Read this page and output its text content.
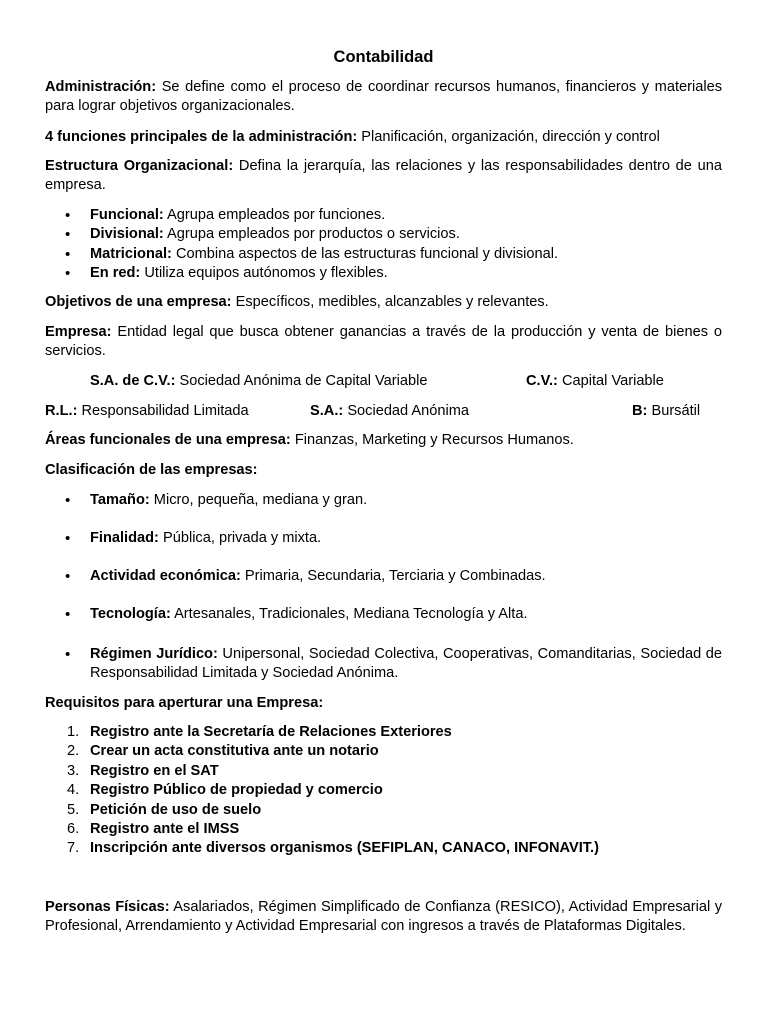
Contabilidad

Administración: Se define como el proceso de coordinar recursos humanos, financieros y materiales para lograr objetivos organizacionales.

4 funciones principales de la administración: Planificación, organización, dirección y control

Estructura Organizacional: Defina la jerarquía, las relaciones y las responsabilidades dentro de una empresa.

• Funcional: Agrupa empleados por funciones.
• Divisional: Agrupa empleados por productos o servicios.
• Matricional: Combina aspectos de las estructuras funcional y divisional.
• En red: Utiliza equipos autónomos y flexibles.

Objetivos de una empresa: Específicos, medibles, alcanzables y relevantes.

Empresa: Entidad legal que busca obtener ganancias a través de la producción y venta de bienes o servicios.

S.A. de C.V.: Sociedad Anónima de Capital Variable	C.V.: Capital Variable
R.L.: Responsabilidad Limitada	S.A.: Sociedad Anónima	B: Bursátil

Áreas funcionales de una empresa: Finanzas, Marketing y Recursos Humanos.

Clasificación de las empresas:

• Tamaño: Micro, pequeña, mediana y gran.
• Finalidad: Pública, privada y mixta.
• Actividad económica: Primaria, Secundaria, Terciaria y Combinadas.
• Tecnología: Artesanales, Tradicionales, Mediana Tecnología y Alta.
• Régimen Jurídico: Unipersonal, Sociedad Colectiva, Cooperativas, Comanditarias, Sociedad de Responsabilidad Limitada y Sociedad Anónima.

Requisitos para aperturar una Empresa:

1. Registro ante la Secretaría de Relaciones Exteriores
2. Crear un acta constitutiva ante un notario
3. Registro en el SAT
4. Registro Público de propiedad y comercio
5. Petición de uso de suelo
6. Registro ante el IMSS
7. Inscripción ante diversos organismos (SEFIPLAN, CANACO, INFONAVIT.)

Personas Físicas: Asalariados, Régimen Simplificado de Confianza (RESICO), Actividad Empresarial y Profesional, Arrendamiento y Actividad Empresarial con ingresos a través de Plataformas Digitales.
